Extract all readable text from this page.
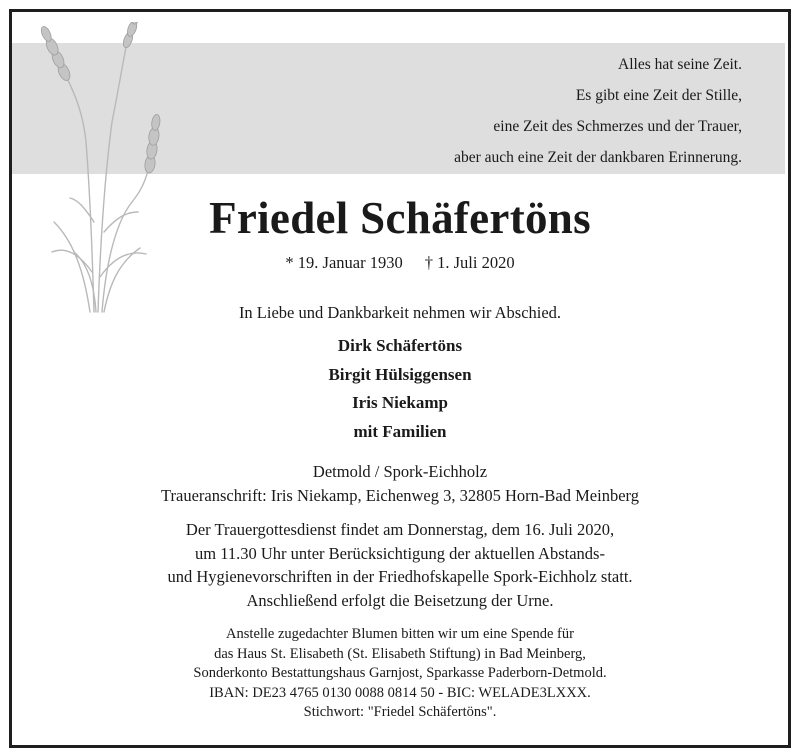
Alles hat seine Zeit.
Es gibt eine Zeit der Stille,
eine Zeit des Schmerzes und der Trauer,
aber auch eine Zeit der dankbaren Erinnerung.
Friedel Schäfertöns
* 19. Januar 1930 † 1. Juli 2020
In Liebe und Dankbarkeit nehmen wir Abschied.
Dirk Schäfertöns
Birgit Hülsiggensen
Iris Niekamp
mit Familien
Detmold / Spork-Eichholz
Traueranschrift: Iris Niekamp, Eichenweg 3, 32805 Horn-Bad Meinberg
Der Trauergottesdienst findet am Donnerstag, dem 16. Juli 2020,
um 11.30 Uhr unter Berücksichtigung der aktuellen Abstands-
und Hygienevorschriften in der Friedhofskapelle Spork-Eichholz statt.
Anschließend erfolgt die Beisetzung der Urne.
Anstelle zugedachter Blumen bitten wir um eine Spende für
das Haus St. Elisabeth (St. Elisabeth Stiftung) in Bad Meinberg,
Sonderkonto Bestattungshaus Garnjost, Sparkasse Paderborn-Detmold.
IBAN: DE23 4765 0130 0088 0814 50 - BIC: WELADE3LXXX.
Stichwort: "Friedel Schäfertöns".
